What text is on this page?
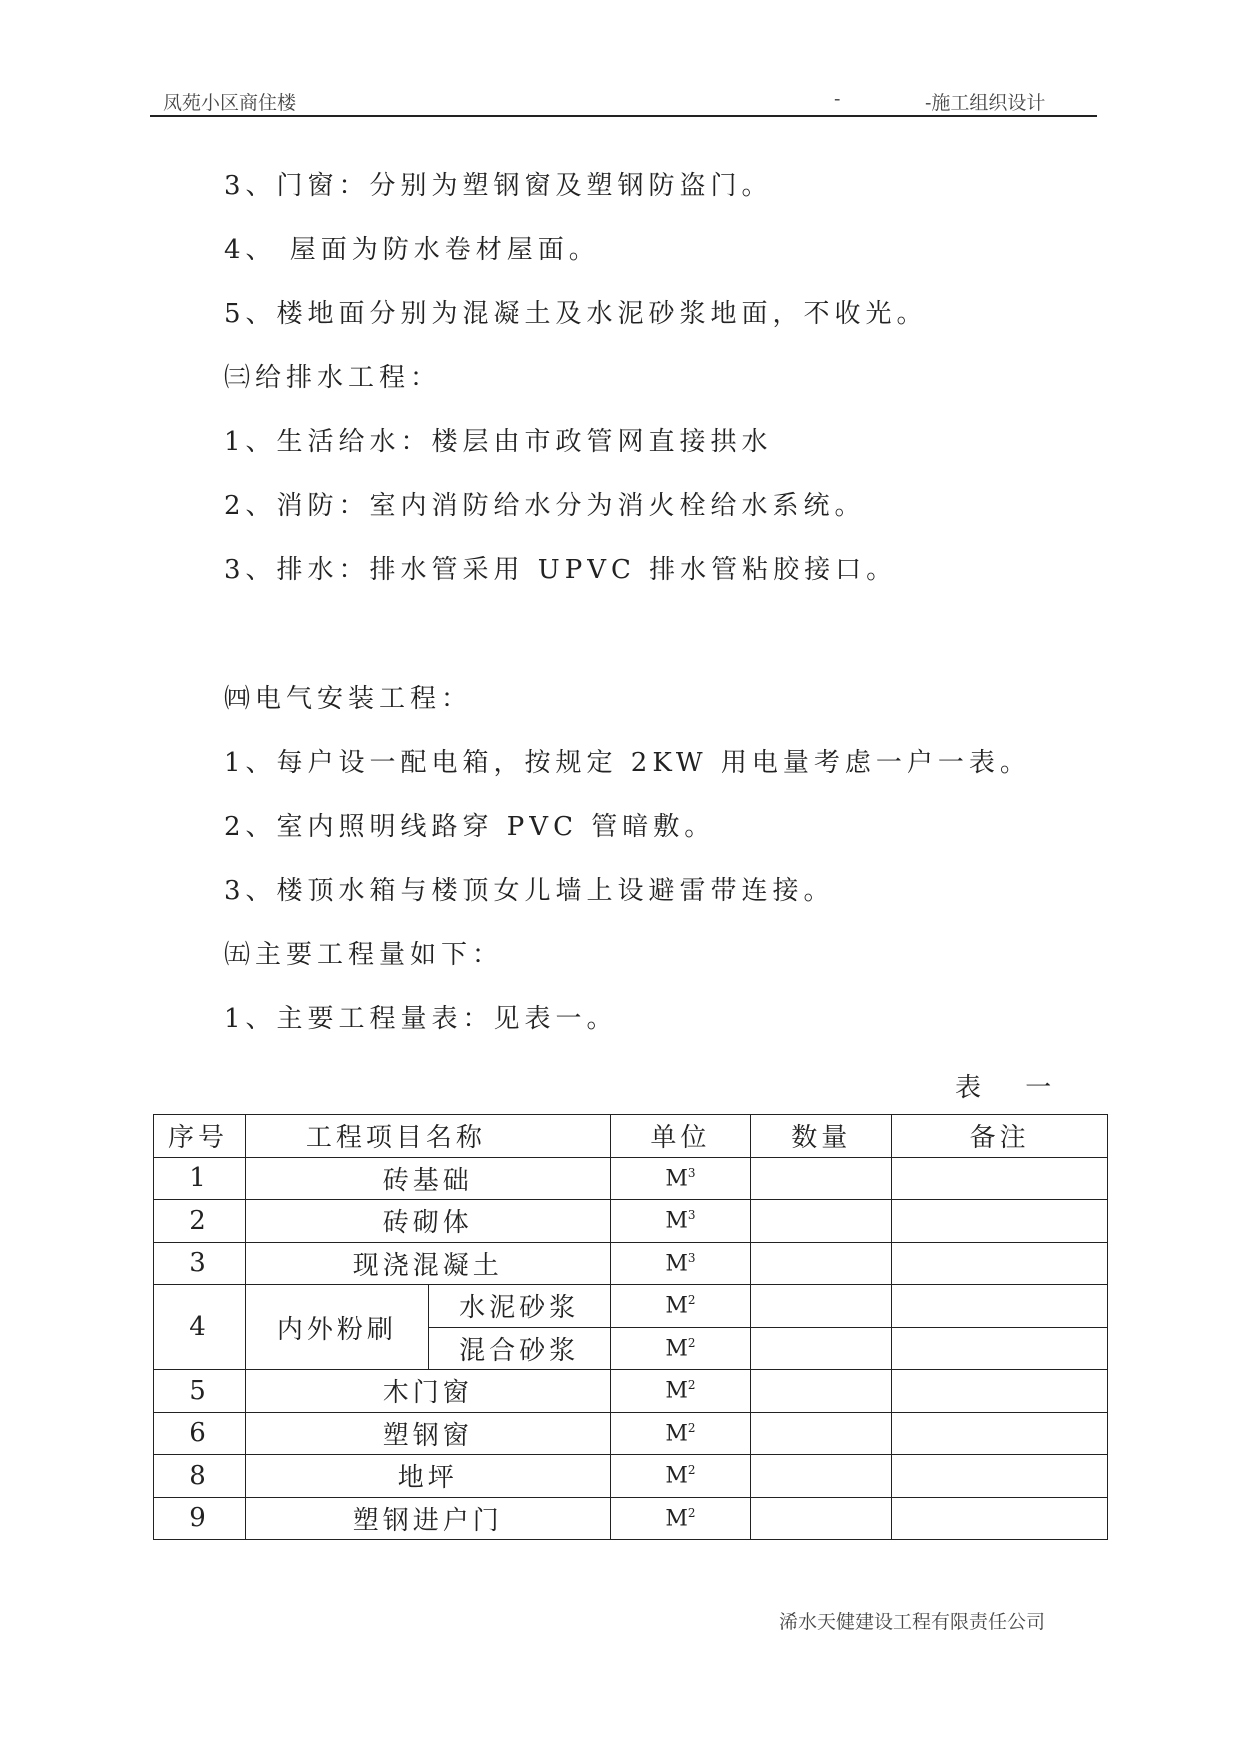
凤苑小区商住楼	-	-施工组织设计
3、门窗：分别为塑钢窗及塑钢防盗门。
4、 屋面为防水卷材屋面。
5、楼地面分别为混凝土及水泥砂浆地面，不收光。
㈢给排水工程：
1、生活给水：楼层由市政管网直接拱水
2、消防：室内消防给水分为消火栓给水系统。
3、排水：排水管采用 UPVC 排水管粘胶接口。
㈣电气安装工程：
1、每户设一配电箱，按规定 2KW 用电量考虑一户一表。
2、室内照明线路穿 PVC 管暗敷。
3、楼顶水箱与楼顶女儿墙上设避雷带连接。
㈤主要工程量如下：
1、主要工程量表：见表一。
表 一
序号	工程项目名称		单位	数量	备注
1	砖基础		$M^3$		
2	砖砌体		$M^3$		
3	现浇混凝土		$M^3$		
4	内外粉刷	水泥砂浆	$M^2$		
		混合砂浆	$M^2$		
5	木门窗		$M^2$		
6	塑钢窗		$M^2$		
8	地坪		$M^2$		
9	塑钢进户门		$M^2$		
浠水天健建设工程有限责任公司
